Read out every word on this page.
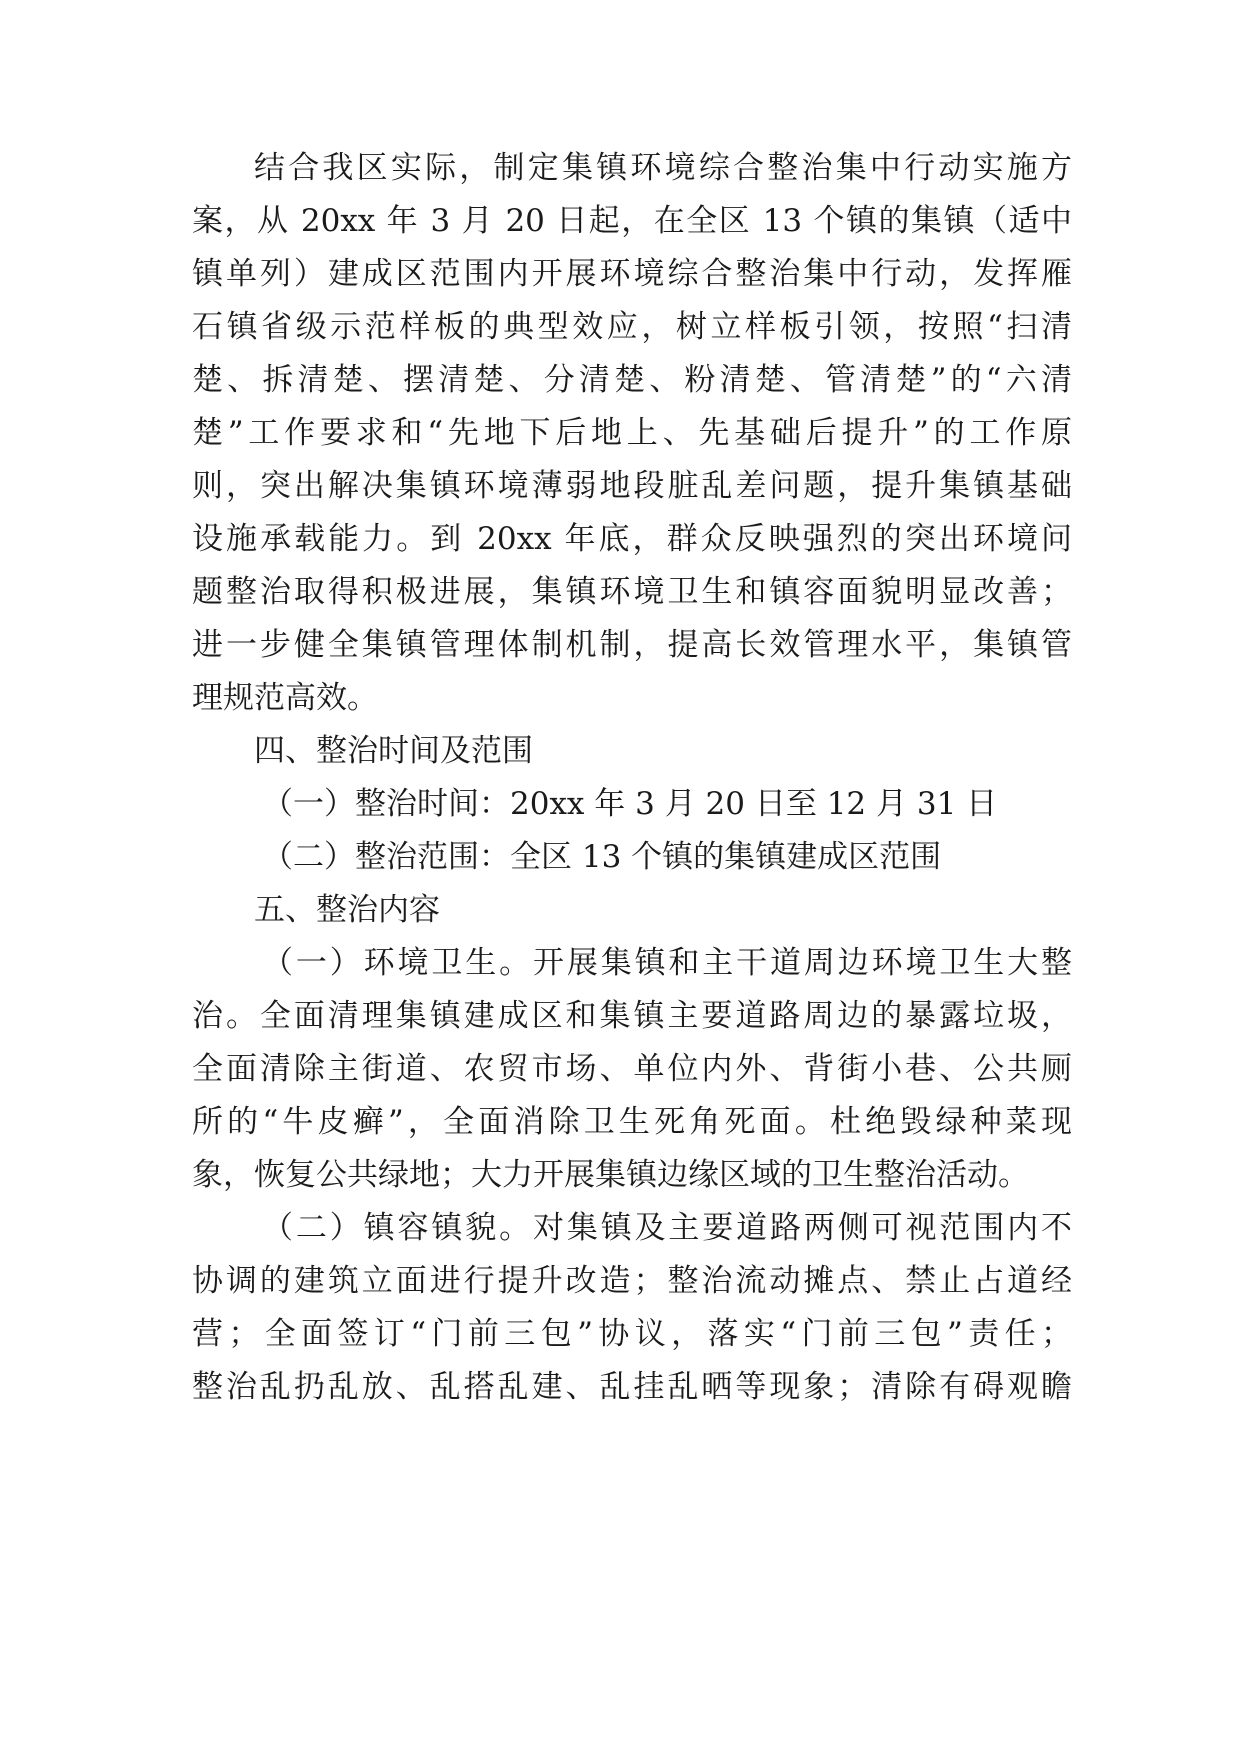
结合我区实际，制定集镇环境综合整治集中行动实施方
案，从 20xx 年 3 月 20 日起，在全区 13 个镇的集镇（适中
镇单列）建成区范围内开展环境综合整治集中行动，发挥雁
石镇省级示范样板的典型效应，树立样板引领，按照“扫清
楚、拆清楚、摆清楚、分清楚、粉清楚、管清楚”的“六清
楚”工作要求和“先地下后地上、先基础后提升”的工作原
则，突出解决集镇环境薄弱地段脏乱差问题，提升集镇基础
设施承载能力。到 20xx 年底，群众反映强烈的突出环境问
题整治取得积极进展，集镇环境卫生和镇容面貌明显改善；
进一步健全集镇管理体制机制，提高长效管理水平，集镇管
理规范高效。
四、整治时间及范围
（一）整治时间：20xx 年 3 月 20 日至 12 月 31 日
（二）整治范围：全区 13 个镇的集镇建成区范围
五、整治内容
（一）环境卫生。开展集镇和主干道周边环境卫生大整
治。全面清理集镇建成区和集镇主要道路周边的暴露垃圾，
全面清除主街道、农贸市场、单位内外、背街小巷、公共厕
所的“牛皮癣”，全面消除卫生死角死面。杜绝毁绿种菜现
象，恢复公共绿地；大力开展集镇边缘区域的卫生整治活动。
（二）镇容镇貌。对集镇及主要道路两侧可视范围内不
协调的建筑立面进行提升改造；整治流动摊点、禁止占道经
营；全面签订“门前三包”协议，落实“门前三包”责任；
整治乱扔乱放、乱搭乱建、乱挂乱晒等现象；清除有碍观瞻
